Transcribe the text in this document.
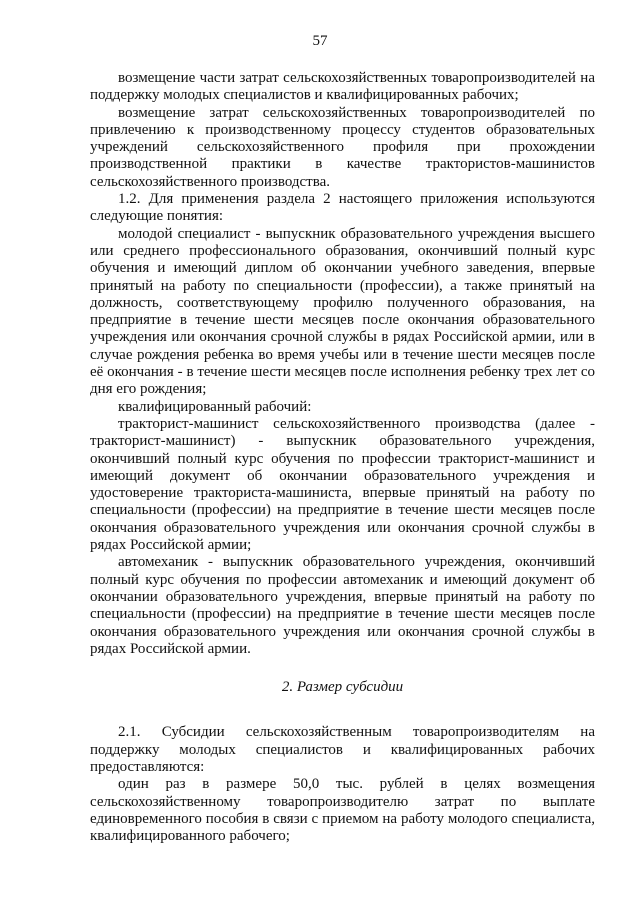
57

возмещение части затрат сельскохозяйственных товаропроизводителей на поддержку молодых специалистов и квалифицированных рабочих;

возмещение затрат сельскохозяйственных товаропроизводителей по привлечению к производственному процессу студентов образовательных учреждений сельскохозяйственного профиля при прохождении производственной практики в качестве трактористов-машинистов сельскохозяйственного производства.

1.2. Для применения раздела 2 настоящего приложения используются следующие понятия:

молодой специалист - выпускник образовательного учреждения высшего или среднего профессионального образования, окончивший полный курс обучения и имеющий диплом об окончании учебного заведения, впервые принятый на работу по специальности (профессии), а также принятый на должность, соответствующему профилю полученного образования, на предприятие в течение шести месяцев после окончания образовательного учреждения или окончания срочной службы в рядах Российской армии, или в случае рождения ребенка во время учебы или в течение шести месяцев после её окончания - в течение шести месяцев после исполнения ребенку трех лет со дня его рождения;

квалифицированный рабочий:

тракторист-машинист сельскохозяйственного производства (далее - тракторист-машинист) - выпускник образовательного учреждения, окончивший полный курс обучения по профессии тракторист-машинист и имеющий документ об окончании образовательного учреждения и удостоверение тракториста-машиниста, впервые принятый на работу по специальности (профессии) на предприятие в течение шести месяцев после окончания образовательного учреждения или окончания срочной службы в рядах Российской армии;

автомеханик - выпускник образовательного учреждения, окончивший полный курс обучения по профессии автомеханик и имеющий документ об окончании образовательного учреждения, впервые принятый на работу по специальности (профессии) на предприятие в течение шести месяцев после окончания образовательного учреждения или окончания срочной службы в рядах Российской армии.

2. Размер субсидии

2.1. Субсидии сельскохозяйственным товаропроизводителям на поддержку молодых специалистов и квалифицированных рабочих предоставляются:

один раз в размере 50,0 тыс. рублей в целях возмещения сельскохозяйственному товаропроизводителю затрат по выплате единовременного пособия в связи с приемом на работу молодого специалиста, квалифицированного рабочего;
